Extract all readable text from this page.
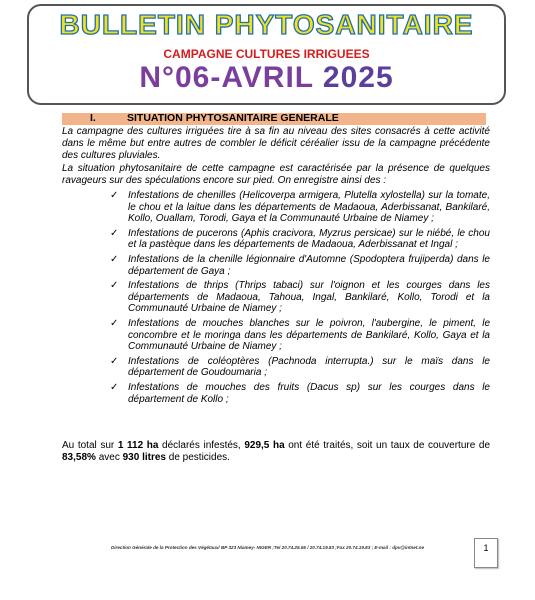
BULLETIN PHYTOSANITAIRE
CAMPAGNE CULTURES IRRIGUEES
N°06-AVRIL 2025
I.	SITUATION PHYTOSANITAIRE GENERALE
La campagne des cultures irriguées tire à sa fin au niveau des sites consacrés à cette activité dans le même but entre autres de combler le déficit céréalier issu de la campagne précédente des cultures pluviales.
La situation phytosanitaire de cette campagne est caractérisée par la présence de quelques ravageurs sur des spéculations encore sur pied. On enregistre ainsi des :
✓ Infestations de chenilles (Helicoverpa armigera, Plutella xylostella) sur la tomate, le chou et la laitue dans les départements de Madaoua, Aderbissanat, Bankilaré, Kollo, Ouallam, Torodi, Gaya et la Communauté Urbaine de Niamey ;
✓ Infestations de pucerons (Aphis cracivora, Myzrus persicae) sur le niébé, le chou et la pastèque dans les départements de Madaoua, Aderbissanat et Ingal ;
✓ Infestations de la chenille légionnaire d'Automne (Spodoptera frujiperda) dans le département de Gaya ;
✓ Infestations de thrips (Thrips tabaci) sur l'oignon et les courges dans les départements de Madaoua, Tahoua, Ingal, Bankilaré, Kollo, Torodi et la Communauté Urbaine de Niamey ;
✓ Infestations de mouches blanches sur le poivron, l'aubergine, le piment, le concombre et le moringa dans les départements de Bankilaré, Kollo, Gaya et la Communauté Urbaine de Niamey ;
✓ Infestations de coléoptères (Pachnoda interrupta.) sur le maïs dans le département de Goudoumaria ;
✓ Infestations de mouches des fruits (Dacus sp) sur les courges dans le département de Kollo ;
Au total sur 1 112 ha déclarés infestés, 929,5 ha ont été traités, soit un taux de couverture de 83,58% avec 930 litres de pesticides.
Direction Générale de la Protection des Végétaux/ BP 323 Niamey- NIGER ;Tel 20.74.25.56 / 20.74.19.83 ;Fax 20.74.19.83 ; E-mail : dpv@intnet.ne	1
